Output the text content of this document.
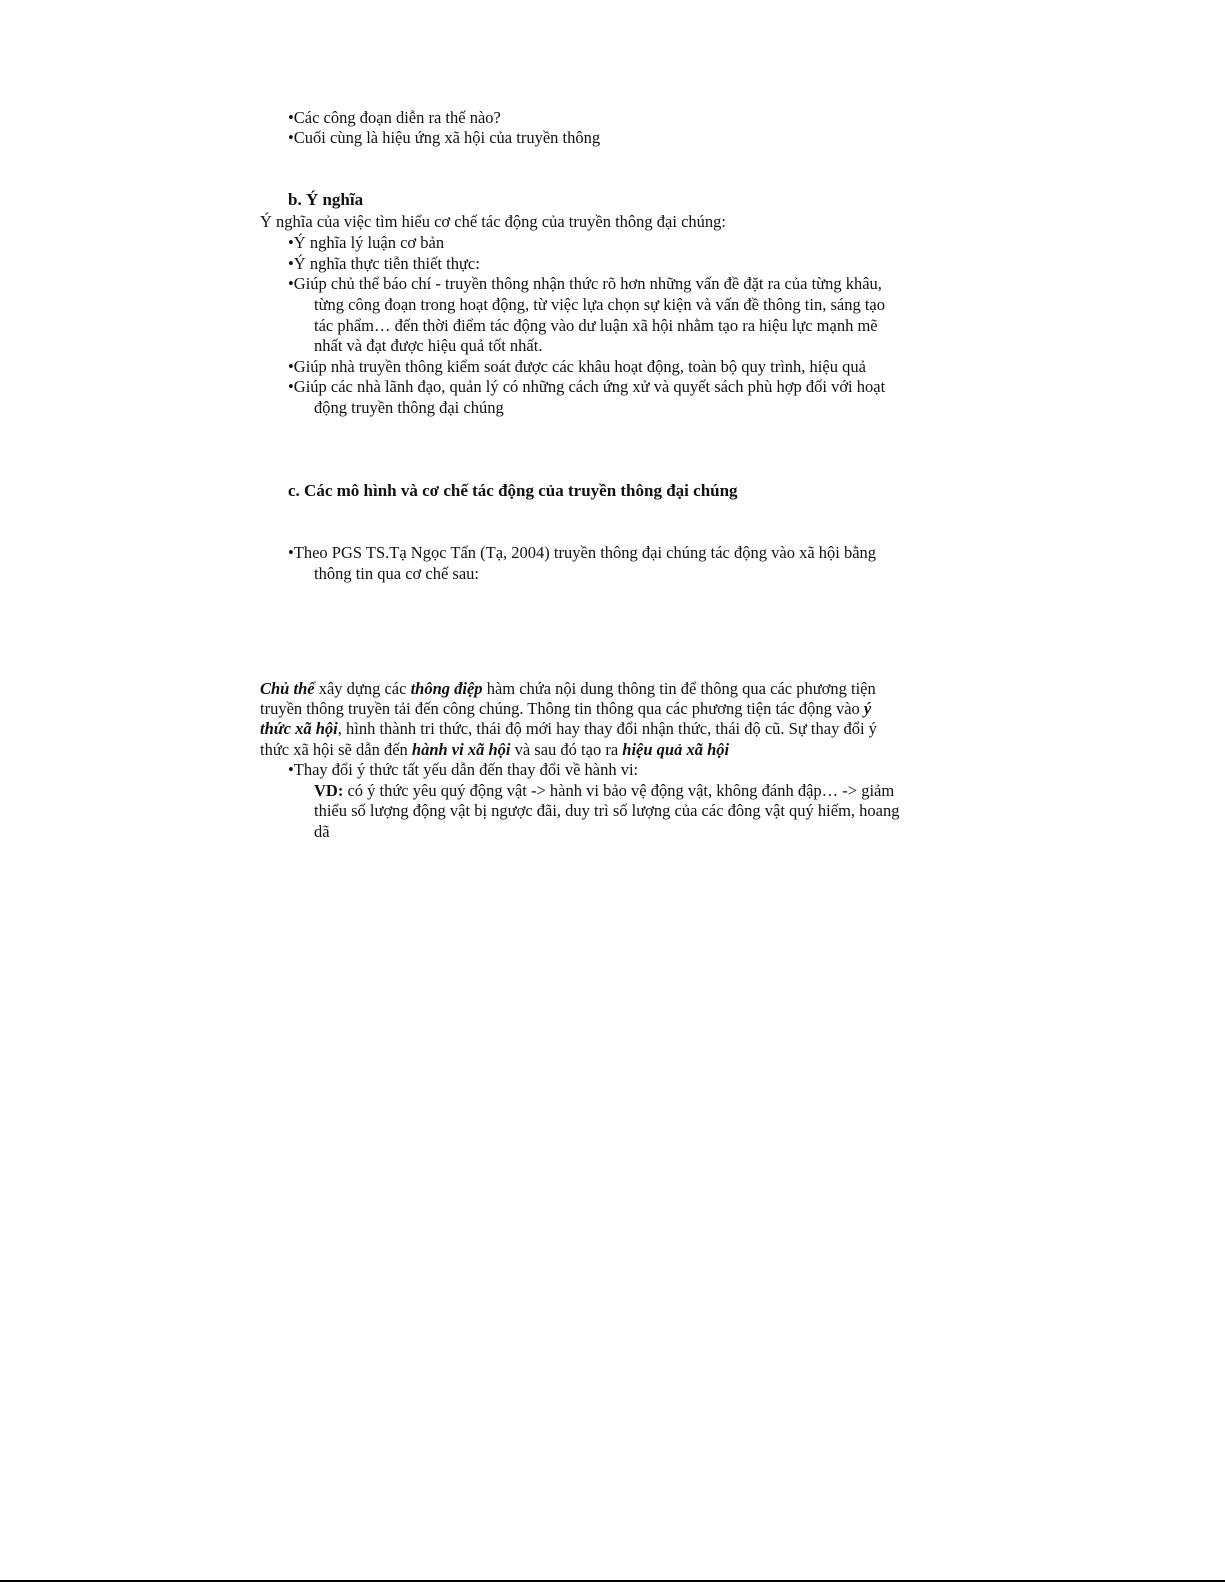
•Các công đoạn diễn ra thế nào?
•Cuối cùng là hiệu ứng xã hội của truyền thông
b. Ý nghĩa
Ý nghĩa của việc tìm hiểu cơ chế tác động của truyền thông đại chúng:
•Ý nghĩa lý luận cơ bản
•Ý nghĩa thực tiễn thiết thực:
•Giúp chủ thể báo chí - truyền thông nhận thức rõ hơn những vấn đề đặt ra của từng khâu,
từng công đoạn trong hoạt động, từ việc lựa chọn sự kiện và vấn đề thông tin, sáng tạo
tác phẩm… đến thời điểm tác động vào dư luận xã hội nhằm tạo ra hiệu lực mạnh mẽ
nhất và đạt được hiệu quả tốt nhất.
•Giúp nhà truyền thông kiểm soát được các khâu hoạt động, toàn bộ quy trình, hiệu quả
•Giúp các nhà lãnh đạo, quản lý có những cách ứng xử và quyết sách phù hợp đối với hoạt
động truyền thông đại chúng
c. Các mô hình và cơ chế tác động của truyền thông đại chúng
•Theo PGS TS.Tạ Ngọc Tấn (Tạ, 2004) truyền thông đại chúng tác động vào xã hội bằng
thông tin qua cơ chế sau:
Chủ thể xây dựng các thông điệp hàm chứa nội dung thông tin để thông qua các phương tiện
truyền thông truyền tải đến công chúng. Thông tin thông qua các phương tiện tác động vào ý
thức xã hội, hình thành tri thức, thái độ mới hay thay đổi nhận thức, thái độ cũ. Sự thay đổi ý
thức xã hội sẽ dẫn đến hành vi xã hội và sau đó tạo ra hiệu quả xã hội
•Thay đổi ý thức tất yếu dẫn đến thay đổi về hành vi:
VD: có ý thức yêu quý động vật -> hành vi bảo vệ động vật, không đánh đập… -> giảm
thiểu số lượng động vật bị ngược đãi, duy trì số lượng của các đông vật quý hiếm, hoang
dã
